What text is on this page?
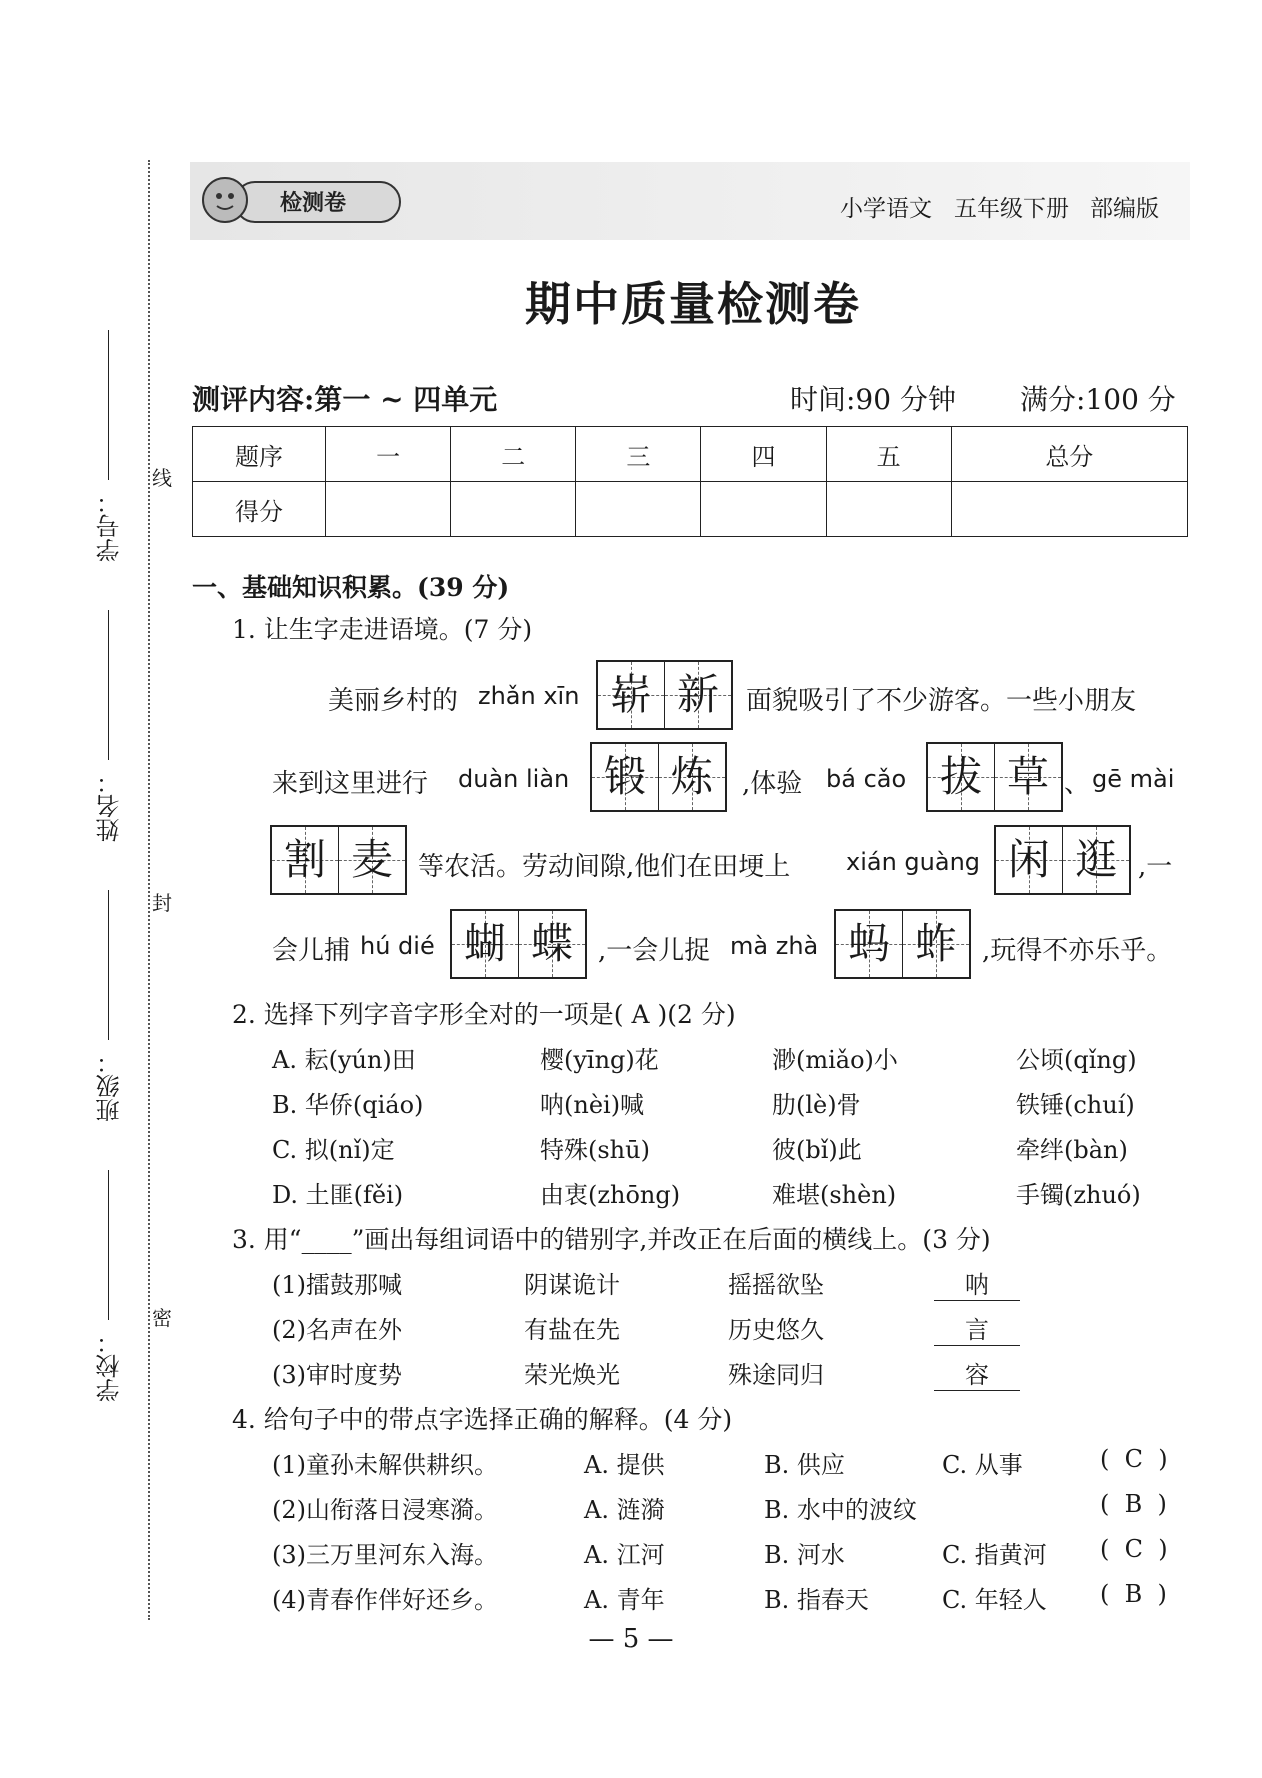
学号：
姓名：
班级：
学校：
线
封
密
检测卷	小学语文 五年级下册 部编版
期中质量检测卷
测评内容:第一 ~ 四单元	时间:90 分钟 满分:100 分
题序	一	二	三	四	五	总分
得分						
一、基础知识积累。(39 分)
1. 让生字走进语境。(7 分)
美丽乡村的 zhǎn xīn 崭 新	面貌吸引了不少游客。一些小朋友
来到这里进行 duàn liàn 锻 炼	,体验 bá cǎo 拔 草 、 gē mài
割 麦 等农活。劳动间隙,他们在田埂上 xián guàng 闲 逛 ,一
会儿捕 hú dié 蝴 蝶 ,一会儿捉 mà zhà 蚂 蚱 ,玩得不亦乐乎。
2. 选择下列字音字形全对的一项是( A )(2 分)
A. 耘(yún)田	樱(yīng)花	渺(miǎo)小	公顷(qǐng)
B. 华侨(qiáo)	呐(nèi)喊	肋(lè)骨	铁锤(chuí)
C. 拟(nǐ)定	特殊(shū)	彼(bǐ)此	牵绊(bàn)
D. 土匪(fěi)	由衷(zhōng)	难堪(shèn)	手镯(zhuó)
3. 用“____”画出每组词语中的错别字,并改正在后面的横线上。(3 分)
(1)擂鼓那喊	阴谋诡计	摇摇欲坠	呐
(2)名声在外	有盐在先	历史悠久	言
(3)审时度势	荣光焕光	殊途同归	容
4. 给句子中的带点字选择正确的解释。(4 分)
(1)童孙未解供耕织。	A. 提供	B. 供应	C. 从事	(  C  )
(2)山衔落日浸寒漪。	A. 涟漪	B. 水中的波纹	(  B  )
(3)三万里河东入海。	A. 江河	B. 河水	C. 指黄河 (  C  )
(4)青春作伴好还乡。	A. 青年	B. 指春天	C. 年轻人 (  B  )
— 5 —
